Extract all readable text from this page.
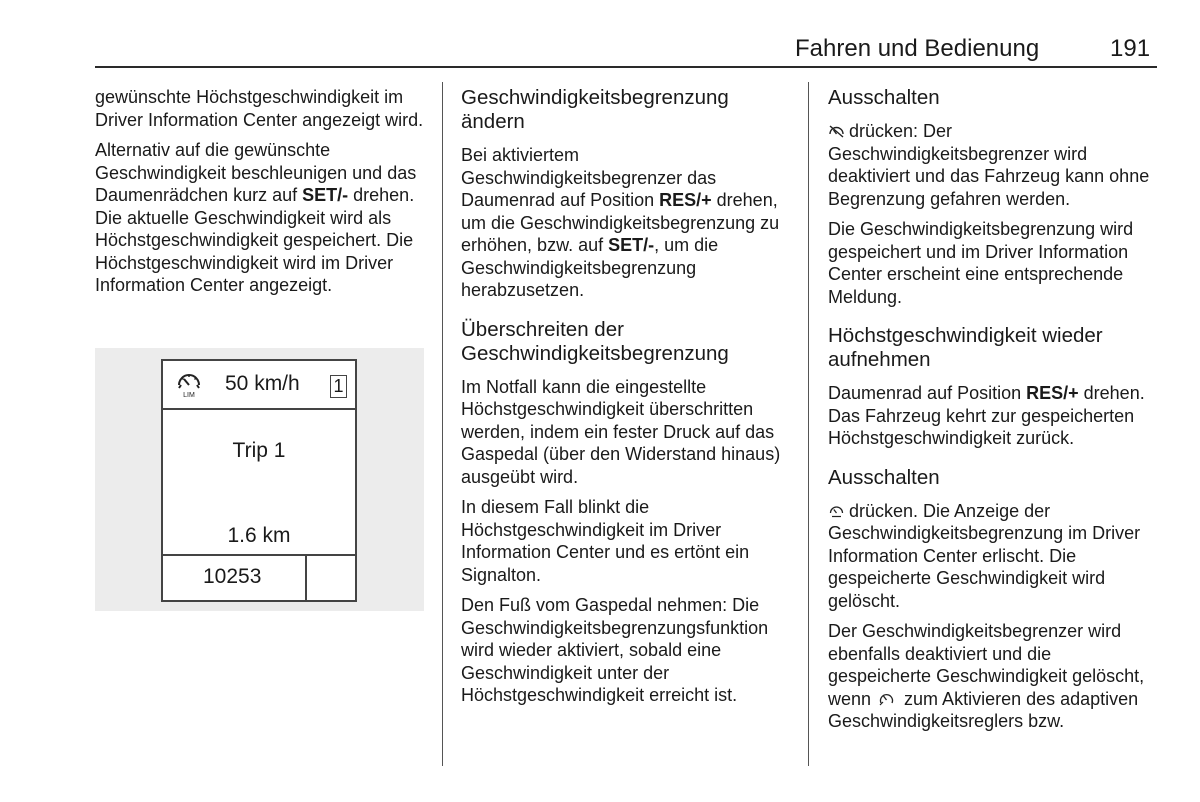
Fahren und Bedienung	191

gewünschte Höchstgeschwindigkeit im Driver Information Center angezeigt wird.

Alternativ auf die gewünschte Geschwindigkeit beschleunigen und das Daumenrädchen kurz auf SET/- drehen. Die aktuelle Geschwindigkeit wird als Höchstgeschwindigkeit gespeichert. Die Höchstgeschwindigkeit wird im Driver Information Center angezeigt.

LIM
50 km/h 1
Trip 1
1.6 km
10253
Geschwindigkeitsbegrenzung ändern

Bei aktiviertem Geschwindigkeitsbegrenzer das Daumenrad auf Position RES/+ drehen, um die Geschwindigkeitsbegrenzung zu erhöhen, bzw. auf SET/-, um die Geschwindigkeitsbegrenzung herabzusetzen.

Überschreiten der Geschwindigkeitsbegrenzung

Im Notfall kann die eingestellte Höchstgeschwindigkeit überschritten werden, indem ein fester Druck auf das Gaspedal (über den Widerstand hinaus) ausgeübt wird.

In diesem Fall blinkt die Höchstgeschwindigkeit im Driver Information Center und es ertönt ein Signalton.

Den Fuß vom Gaspedal nehmen: Die Geschwindigkeitsbegrenzungsfunktion wird wieder aktiviert, sobald eine Geschwindigkeit unter der Höchstgeschwindigkeit erreicht ist.

Ausschalten

drücken: Der Geschwindigkeitsbegrenzer wird deaktiviert und das Fahrzeug kann ohne Begrenzung gefahren werden.

Die Geschwindigkeitsbegrenzung wird gespeichert und im Driver Information Center erscheint eine entsprechende Meldung.

Höchstgeschwindigkeit wieder aufnehmen

Daumenrad auf Position RES/+ drehen. Das Fahrzeug kehrt zur gespeicherten Höchstgeschwindigkeit zurück.

Ausschalten

drücken. Die Anzeige der Geschwindigkeitsbegrenzung im Driver Information Center erlischt. Die gespeicherte Geschwindigkeit wird gelöscht.

Der Geschwindigkeitsbegrenzer wird ebenfalls deaktiviert und die gespeicherte Geschwindigkeit gelöscht, wenn  zum Aktivieren des adaptiven Geschwindigkeitsreglers bzw.
